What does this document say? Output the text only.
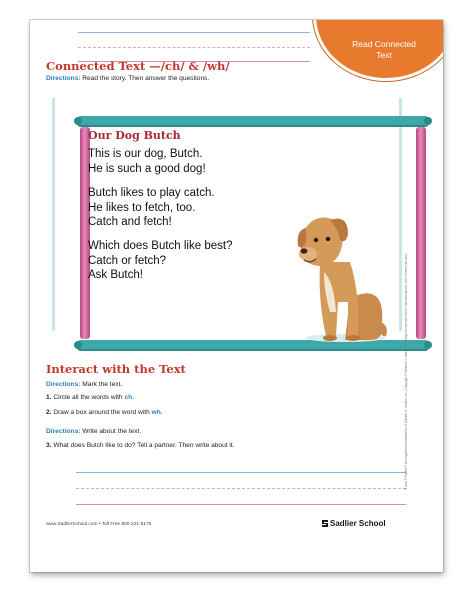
Read Connected
Text
Connected Text —/ch/ & /wh/
Directions: Read the story. Then answer the questions.
Our Dog Butch
This is our dog, Butch.
He is such a good dog!
Butch likes to play catch.
He likes to fetch, too.
Catch and fetch!
Which does Butch like best?
Catch or fetch?
Ask Butch!
Interact with the Text
Directions: Mark the text.
1. Circle all the words with ch.
2. Draw a box around the word with wh.
Directions: Write about the text.
3. What does Butch like to do? Tell a partner. Then write about it.
www.SadlierSchool.com • Toll Free 800-221-5175	Sadlier School
© and ® Sadlier® are registered trademarks of William H. Sadlier, Inc. Copyright © William H. Sadlier, Inc. May be reproduced for educational use (not commercial use).
